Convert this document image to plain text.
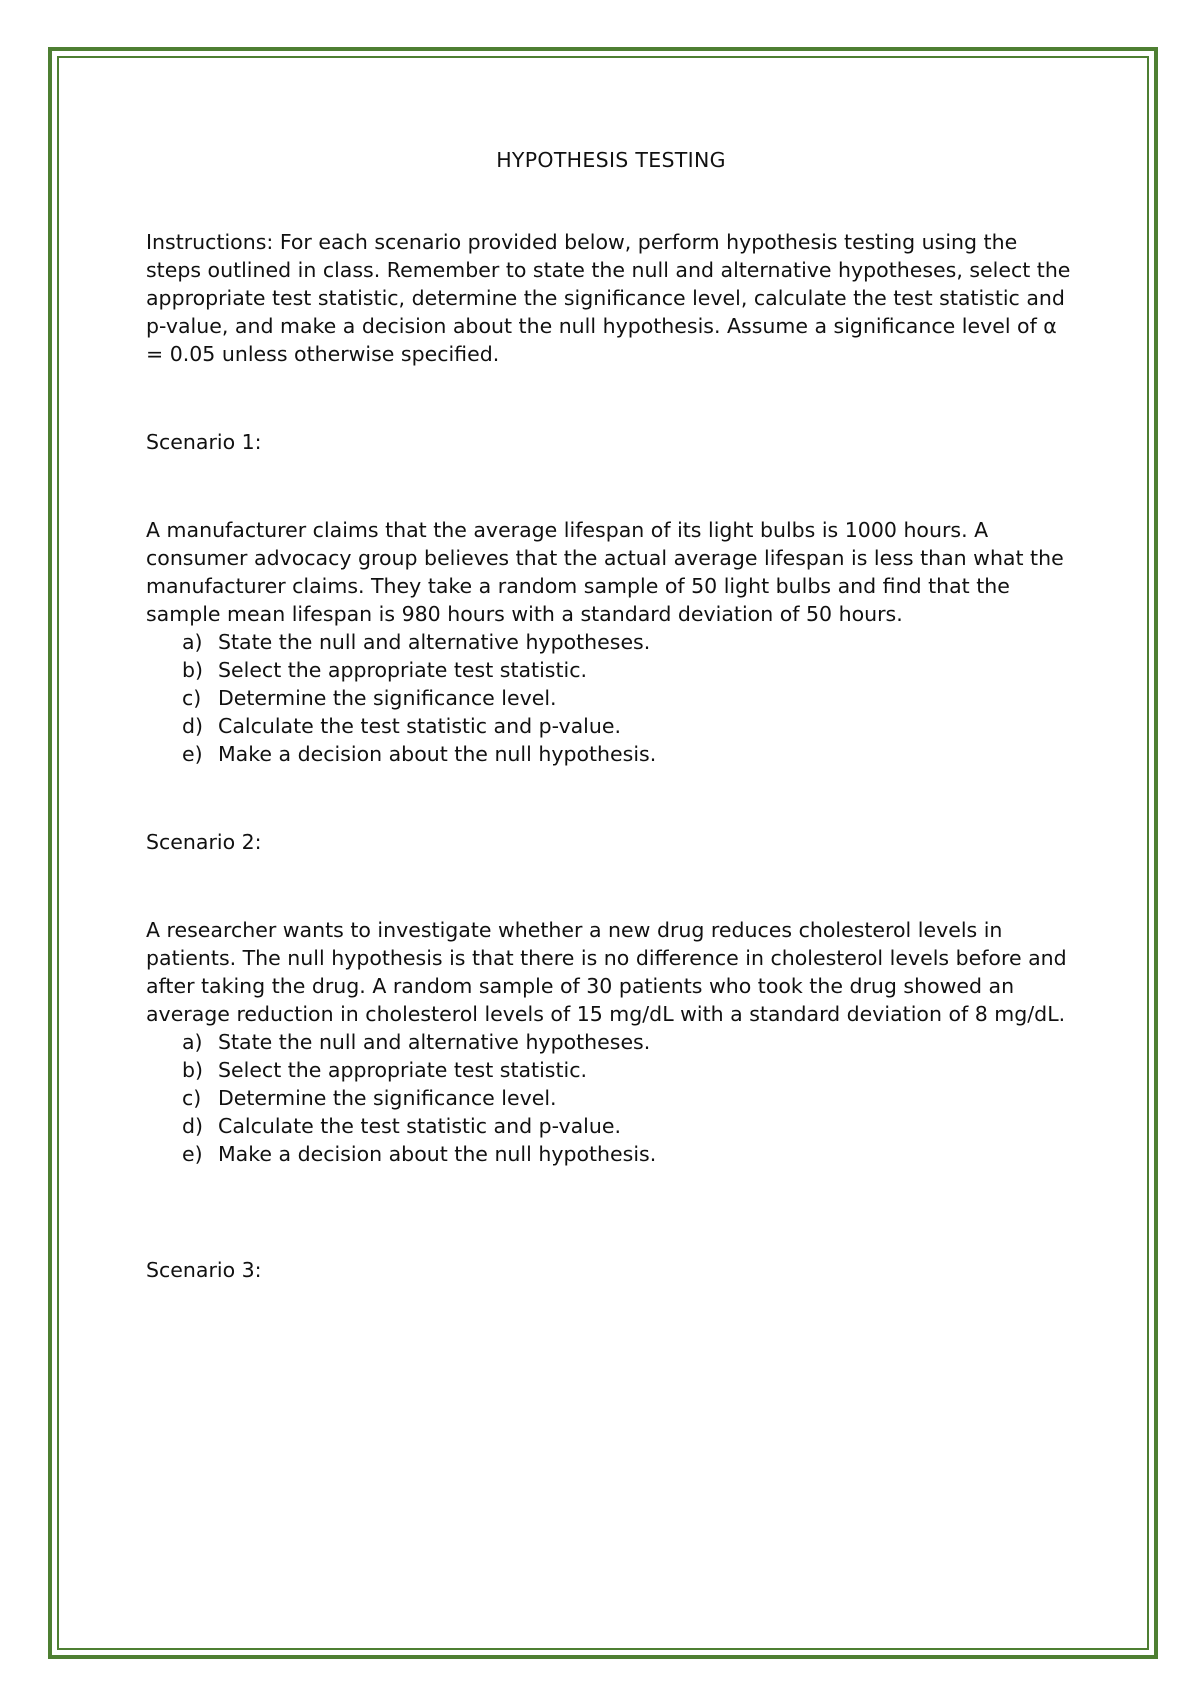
HYPOTHESIS TESTING

Instructions: For each scenario provided below, perform hypothesis testing using the steps outlined in class. Remember to state the null and alternative hypotheses, select the appropriate test statistic, determine the significance level, calculate the test statistic and p-value, and make a decision about the null hypothesis. Assume a significance level of α = 0.05 unless otherwise specified.

Scenario 1:

A manufacturer claims that the average lifespan of its light bulbs is 1000 hours. A consumer advocacy group believes that the actual average lifespan is less than what the manufacturer claims. They take a random sample of 50 light bulbs and find that the sample mean lifespan is 980 hours with a standard deviation of 50 hours.

a) State the null and alternative hypotheses.
b) Select the appropriate test statistic.
c) Determine the significance level.
d) Calculate the test statistic and p-value.
e) Make a decision about the null hypothesis.

Scenario 2:

A researcher wants to investigate whether a new drug reduces cholesterol levels in patients. The null hypothesis is that there is no difference in cholesterol levels before and after taking the drug. A random sample of 30 patients who took the drug showed an average reduction in cholesterol levels of 15 mg/dL with a standard deviation of 8 mg/dL.

a) State the null and alternative hypotheses.
b) Select the appropriate test statistic.
c) Determine the significance level.
d) Calculate the test statistic and p-value.
e) Make a decision about the null hypothesis.

Scenario 3:
